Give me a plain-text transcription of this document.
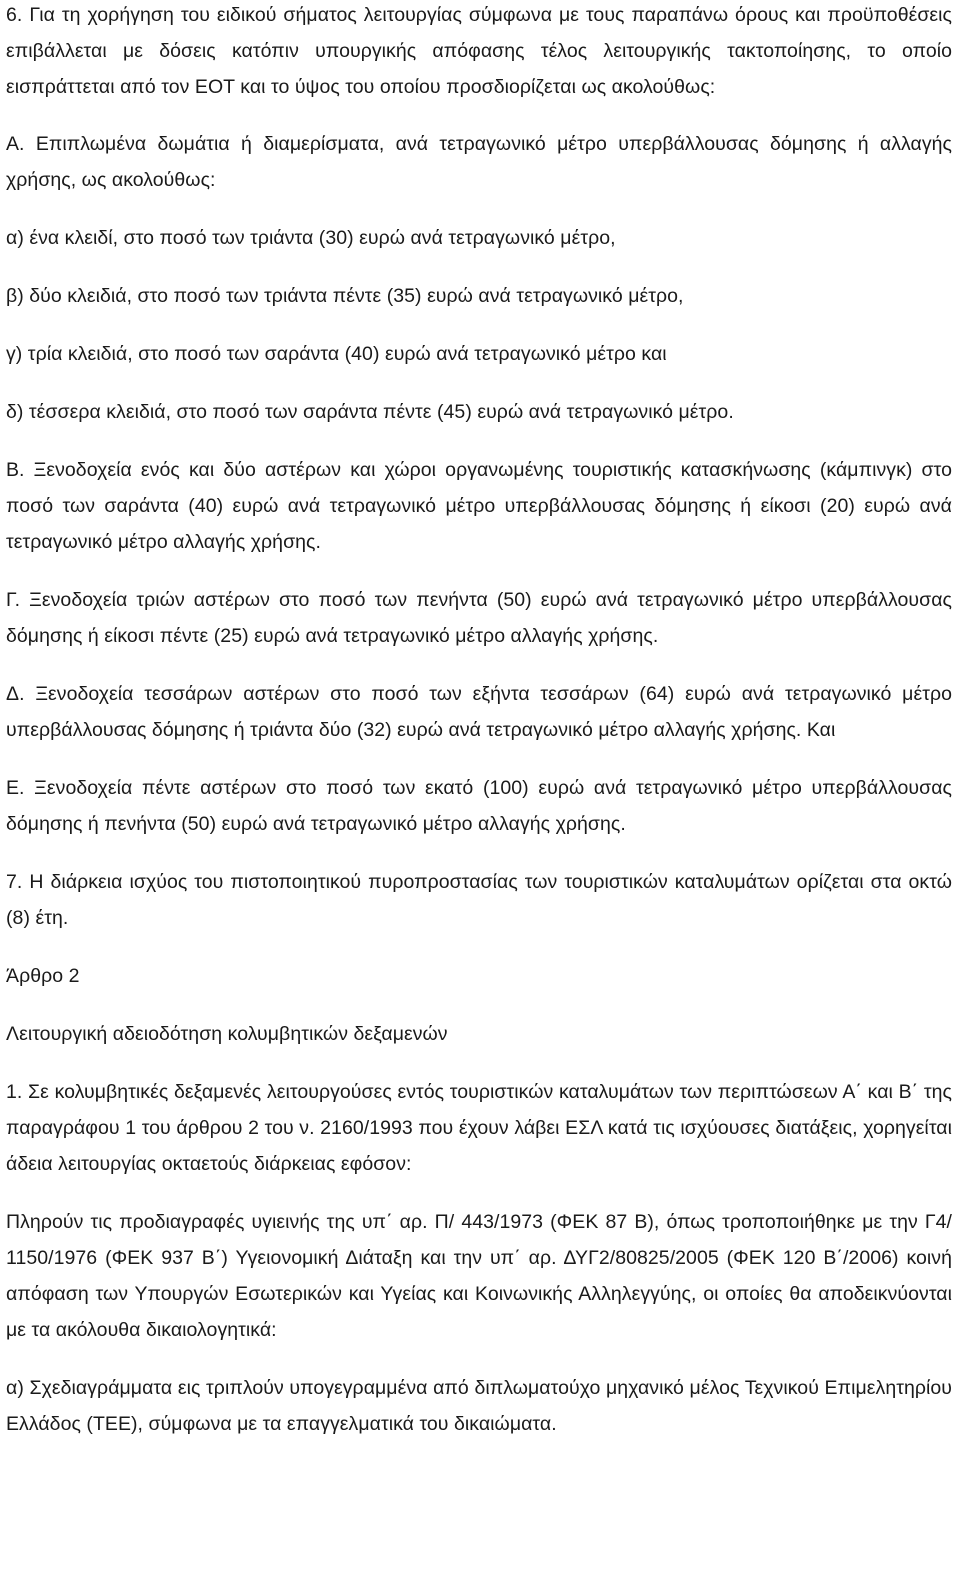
6. Για τη χορήγηση του ειδικού σήματος λειτουργίας σύμφωνα με τους παραπάνω όρους και προϋποθέσεις επιβάλλεται με δόσεις κατόπιν υπουργικής απόφασης τέλος λειτουργικής τακτοποίησης, το οποίο εισπράττεται από τον ΕΟΤ και το ύψος του οποίου προσδιορίζεται ως ακολούθως:

Α. Επιπλωμένα δωμάτια ή διαμερίσματα, ανά τετραγωνικό μέτρο υπερβάλλουσας δόμησης ή αλλαγής χρήσης, ως ακολούθως:

α) ένα κλειδί, στο ποσό των τριάντα (30) ευρώ ανά τετραγωνικό μέτρο,

β) δύο κλειδιά, στο ποσό των τριάντα πέντε (35) ευρώ ανά τετραγωνικό μέτρο,

γ) τρία κλειδιά, στο ποσό των σαράντα (40) ευρώ ανά τετραγωνικό μέτρο και

δ) τέσσερα κλειδιά, στο ποσό των σαράντα πέντε (45) ευρώ ανά τετραγωνικό μέτρο.

Β. Ξενοδοχεία ενός και δύο αστέρων και χώροι οργανωμένης τουριστικής κατασκήνωσης (κάμπινγκ) στο ποσό των σαράντα (40) ευρώ ανά τετραγωνικό μέτρο υπερβάλλουσας δόμησης ή είκοσι (20) ευρώ ανά τετραγωνικό μέτρο αλλαγής χρήσης.

Γ. Ξενοδοχεία τριών αστέρων στο ποσό των πενήντα (50) ευρώ ανά τετραγωνικό μέτρο υπερβάλλουσας δόμησης ή είκοσι πέντε (25) ευρώ ανά τετραγωνικό μέτρο αλλαγής χρήσης.

Δ. Ξενοδοχεία τεσσάρων αστέρων στο ποσό των εξήντα τεσσάρων (64) ευρώ ανά τετραγωνικό μέτρο υπερβάλλουσας δόμησης ή τριάντα δύο (32) ευρώ ανά τετραγωνικό μέτρο αλλαγής χρήσης. Και

Ε. Ξενοδοχεία πέντε αστέρων στο ποσό των εκατό (100) ευρώ ανά τετραγωνικό μέτρο υπερβάλλουσας δόμησης ή πενήντα (50) ευρώ ανά τετραγωνικό μέτρο αλλαγής χρήσης.

7. Η διάρκεια ισχύος του πιστοποιητικού πυροπροστασίας των τουριστικών καταλυμάτων ορίζεται στα οκτώ (8) έτη.

Άρθρο 2

Λειτουργική αδειοδότηση κολυμβητικών δεξαμενών

1. Σε κολυμβητικές δεξαμενές λειτουργούσες εντός τουριστικών καταλυμάτων των περιπτώσεων Α΄ και Β΄ της παραγράφου 1 του άρθρου 2 του ν. 2160/1993 που έχουν λάβει ΕΣΛ κατά τις ισχύουσες διατάξεις, χορηγείται άδεια λειτουργίας οκταετούς διάρκειας εφόσον:

Πληρούν τις προδιαγραφές υγιεινής της υπ΄ αρ. Π/ 443/1973 (ΦΕΚ 87 Β), όπως τροποποιήθηκε με την Γ4/ 1150/1976 (ΦΕΚ 937 Β΄) Υγειονομική Διάταξη και την υπ΄ αρ. ΔΥΓ2/80825/2005 (ΦΕΚ 120 Β΄/2006) κοινή απόφαση των Υπουργών Εσωτερικών και Υγείας και Κοινωνικής Αλληλεγγύης, οι οποίες θα αποδεικνύονται με τα ακόλουθα δικαιολογητικά:

α) Σχεδιαγράμματα εις τριπλούν υπογεγραμμένα από διπλωματούχο μηχανικό μέλος Τεχνικού Επιμελητηρίου Ελλάδος (ΤΕΕ), σύμφωνα με τα επαγγελματικά του δικαιώματα.
